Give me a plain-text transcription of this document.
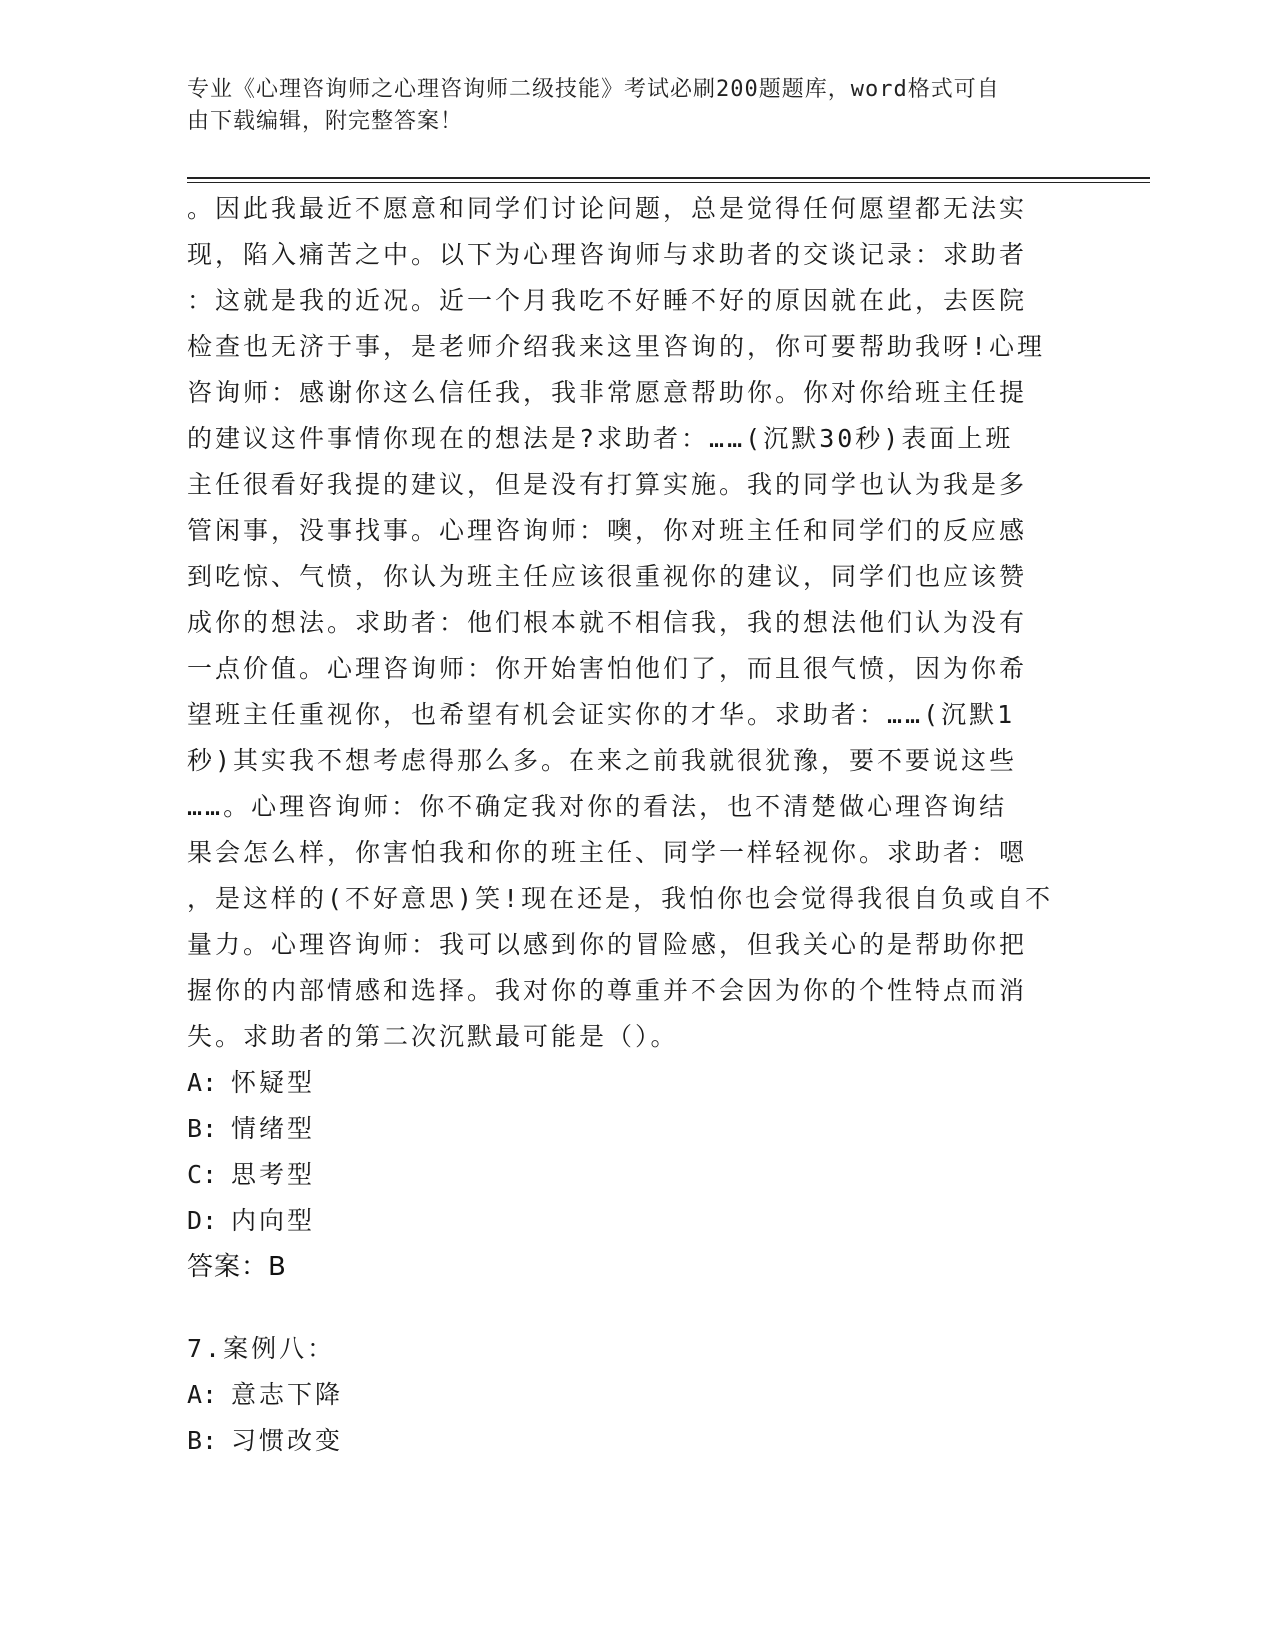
专业《心理咨询师之心理咨询师二级技能》考试必刷200题题库，word格式可自
由下载编辑，附完整答案！
。因此我最近不愿意和同学们讨论问题，总是觉得任何愿望都无法实
现，陷入痛苦之中。以下为心理咨询师与求助者的交谈记录：求助者
：这就是我的近况。近一个月我吃不好睡不好的原因就在此，去医院
检查也无济于事，是老师介绍我来这里咨询的，你可要帮助我呀!心理
咨询师：感谢你这么信任我，我非常愿意帮助你。你对你给班主任提
的建议这件事情你现在的想法是?求助者：……(沉默30秒)表面上班
主任很看好我提的建议，但是没有打算实施。我的同学也认为我是多
管闲事，没事找事。心理咨询师：噢，你对班主任和同学们的反应感
到吃惊、气愤，你认为班主任应该很重视你的建议，同学们也应该赞
成你的想法。求助者：他们根本就不相信我，我的想法他们认为没有
一点价值。心理咨询师：你开始害怕他们了，而且很气愤，因为你希
望班主任重视你，也希望有机会证实你的才华。求助者：……(沉默1
秒)其实我不想考虑得那么多。在来之前我就很犹豫，要不要说这些
……。心理咨询师：你不确定我对你的看法，也不清楚做心理咨询结
果会怎么样，你害怕我和你的班主任、同学一样轻视你。求助者：嗯
，是这样的(不好意思)笑!现在还是，我怕你也会觉得我很自负或自不
量力。心理咨询师：我可以感到你的冒险感，但我关心的是帮助你把
握你的内部情感和选择。我对你的尊重并不会因为你的个性特点而消
失。求助者的第二次沉默最可能是（）。
A: 怀疑型
B: 情绪型
C: 思考型
D: 内向型
答案：B
7.案例八：
A: 意志下降
B: 习惯改变
